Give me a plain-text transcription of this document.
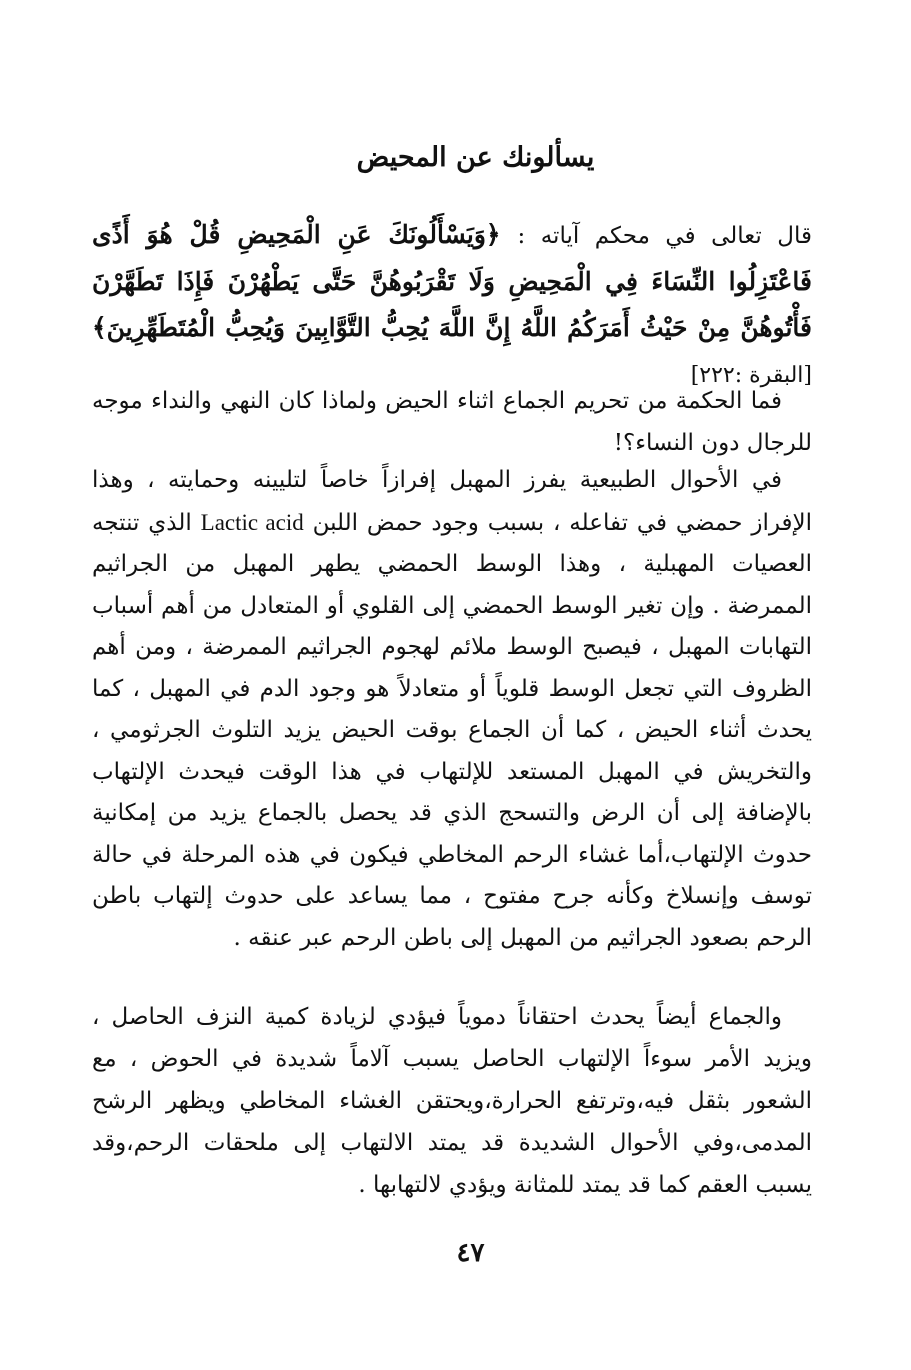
يسألونك عن المحيض
قال تعالى في محكم آياته : ﴿وَيَسْأَلُونَكَ عَنِ الْمَحِيضِ قُلْ هُوَ أَذًى فَاعْتَزِلُوا النِّسَاءَ فِي الْمَحِيضِ وَلَا تَقْرَبُوهُنَّ حَتَّى يَطْهُرْنَ فَإِذَا تَطَهَّرْنَ فَأْتُوهُنَّ مِنْ حَيْثُ أَمَرَكُمُ اللَّهُ إِنَّ اللَّهَ يُحِبُّ التَّوَّابِينَ وَيُحِبُّ الْمُتَطَهِّرِينَ﴾ [البقرة :٢٢٢]
فما الحكمة من تحريم الجماع اثناء الحيض ولماذا كان النهي والنداء موجه للرجال دون النساء؟!
في الأحوال الطبيعية يفرز المهبل إفرازاً خاصاً لتليينه وحمايته ، وهذا الإفراز حمضي في تفاعله ، بسبب وجود حمض اللبن Lactic acid الذي تنتجه العصيات المهبلية ، وهذا الوسط الحمضي يطهر المهبل من الجراثيم الممرضة . وإن تغير الوسط الحمضي إلى القلوي أو المتعادل من أهم أسباب التهابات المهبل ، فيصبح الوسط ملائم لهجوم الجراثيم الممرضة ، ومن أهم الظروف التي تجعل الوسط قلوياً أو متعادلاً هو وجود الدم في المهبل ، كما يحدث أثناء الحيض ، كما أن الجماع بوقت الحيض يزيد التلوث الجرثومي ، والتخريش في المهبل المستعد للإلتهاب في هذا الوقت فيحدث الإلتهاب بالإضافة إلى أن الرض والتسحج الذي قد يحصل بالجماع يزيد من إمكانية حدوث الإلتهاب،أما غشاء الرحم المخاطي فيكون في هذه المرحلة في حالة توسف وإنسلاخ وكأنه جرح مفتوح ، مما يساعد على حدوث إلتهاب باطن الرحم بصعود الجراثيم من المهبل إلى باطن الرحم عبر عنقه .
والجماع أيضاً يحدث احتقاناً دموياً فيؤدي لزيادة كمية النزف الحاصل ، ويزيد الأمر سوءاً الإلتهاب الحاصل يسبب آلاماً شديدة في الحوض ، مع الشعور بثقل فيه،وترتفع الحرارة،ويحتقن الغشاء المخاطي ويظهر الرشح المدمى،وفي الأحوال الشديدة قد يمتد الالتهاب إلى ملحقات الرحم،وقد يسبب العقم كما قد يمتد للمثانة ويؤدي لالتهابها .
٤٧
